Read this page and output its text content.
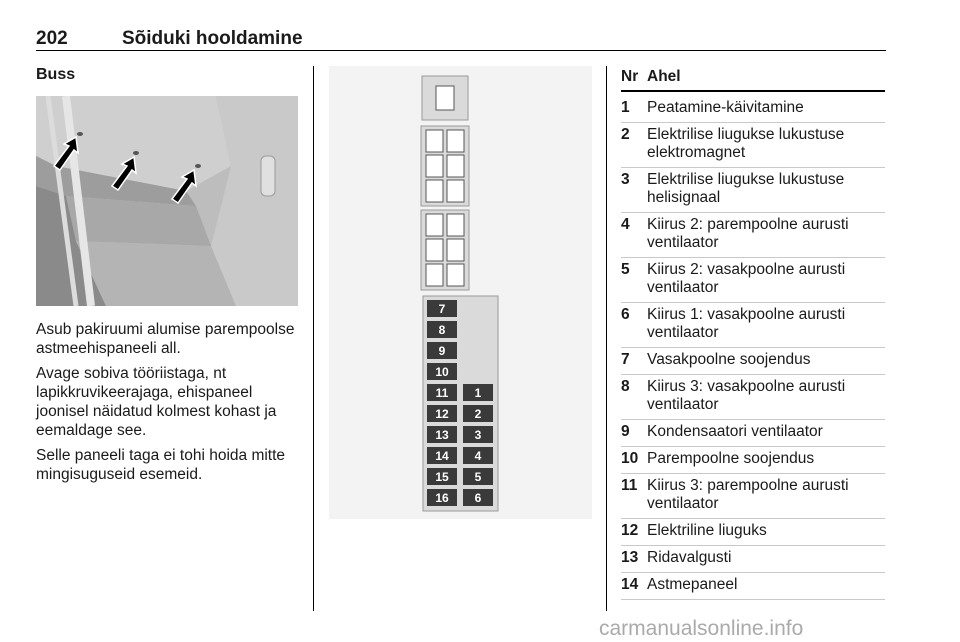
202	Sõiduki hooldamine
Buss

Asub pakiruumi alumise parempoolse astmeehispaneeli all.

Avage sobiva tööriistaga, nt lapikkruvikeerajaga, ehispaneel joonisel näidatud kolmest kohast ja eemaldage see.

Selle paneeli taga ei tohi hoida mitte mingisuguseid esemeid.

7
8
9
10
11
12
13
14
15
16
1
2
3
4
5
6
Nr Ahel
1 Peatamine-käivitamine
2 Elektrilise liugukse lukustuse elektromagnet
3 Elektrilise liugukse lukustuse helisignaal
4 Kiirus 2: parempoolne aurusti ventilaator
5 Kiirus 2: vasakpoolne aurusti ventilaator
6 Kiirus 1: vasakpoolne aurusti ventilaator
7 Vasakpoolne soojendus
8 Kiirus 3: vasakpoolne aurusti ventilaator
9 Kondensaatori ventilaator
10 Parempoolne soojendus
11 Kiirus 3: parempoolne aurusti ventilaator
12 Elektriline liuguks
13 Ridavalgusti
14 Astmepaneel
carmanualsonline.info
